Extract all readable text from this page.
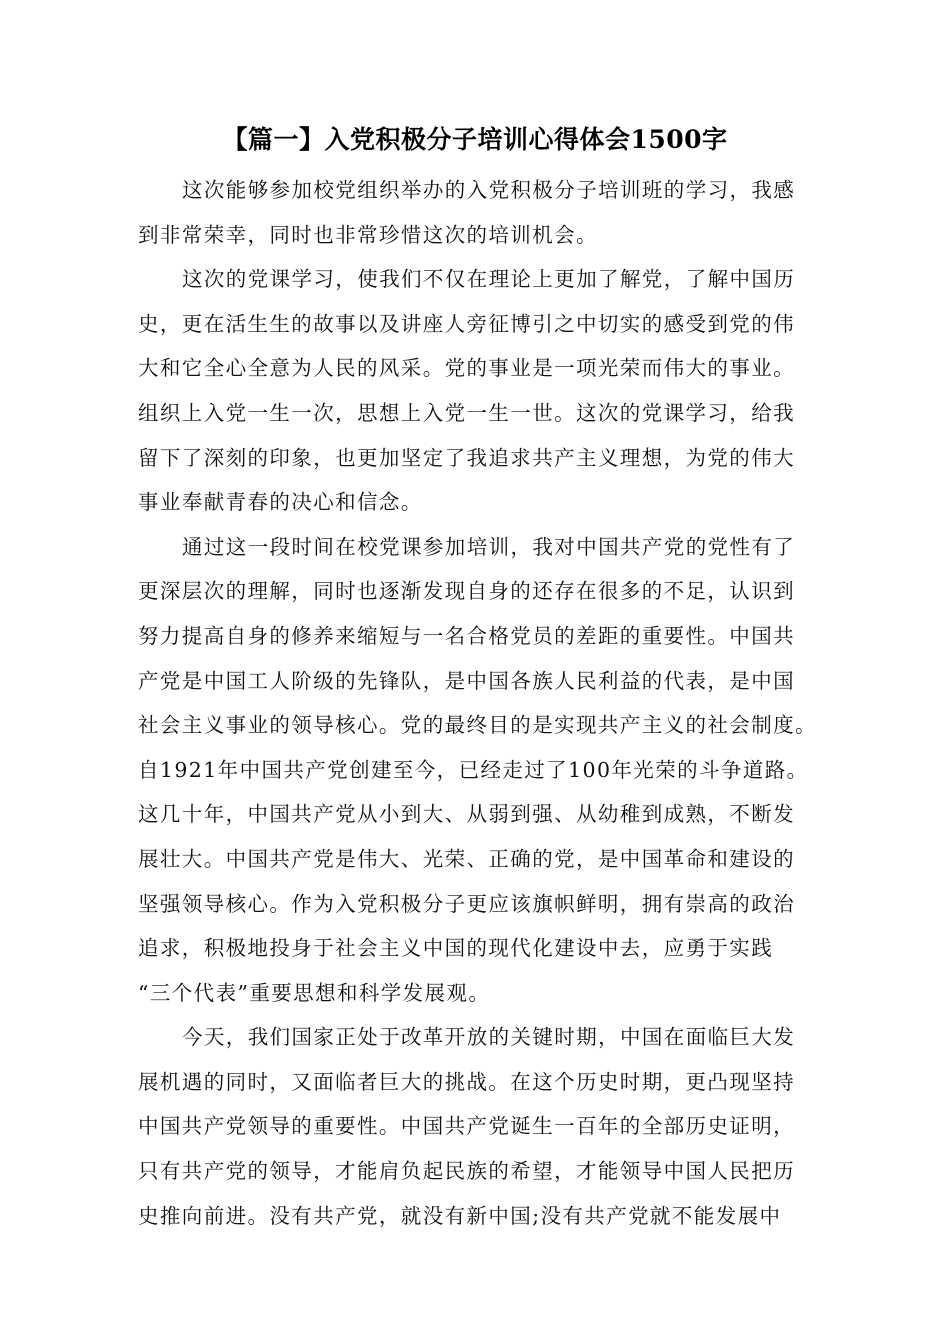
【篇一】入党积极分子培训心得体会1500字
这次能够参加校党组织举办的入党积极分子培训班的学习，我感
到非常荣幸，同时也非常珍惜这次的培训机会。
这次的党课学习，使我们不仅在理论上更加了解党，了解中国历
史，更在活生生的故事以及讲座人旁征博引之中切实的感受到党的伟
大和它全心全意为人民的风采。党的事业是一项光荣而伟大的事业。
组织上入党一生一次，思想上入党一生一世。这次的党课学习，给我
留下了深刻的印象，也更加坚定了我追求共产主义理想，为党的伟大
事业奉献青春的决心和信念。
通过这一段时间在校党课参加培训，我对中国共产党的党性有了
更深层次的理解，同时也逐渐发现自身的还存在很多的不足，认识到
努力提高自身的修养来缩短与一名合格党员的差距的重要性。中国共
产党是中国工人阶级的先锋队，是中国各族人民利益的代表，是中国
社会主义事业的领导核心。党的最终目的是实现共产主义的社会制度。
自1921年中国共产党创建至今，已经走过了100年光荣的斗争道路。
这几十年，中国共产党从小到大、从弱到强、从幼稚到成熟，不断发
展壮大。中国共产党是伟大、光荣、正确的党，是中国革命和建设的
坚强领导核心。作为入党积极分子更应该旗帜鲜明，拥有崇高的政治
追求，积极地投身于社会主义中国的现代化建设中去，应勇于实践
“三个代表”重要思想和科学发展观。
今天，我们国家正处于改革开放的关键时期，中国在面临巨大发
展机遇的同时，又面临者巨大的挑战。在这个历史时期，更凸现坚持
中国共产党领导的重要性。中国共产党诞生一百年的全部历史证明，
只有共产党的领导，才能肩负起民族的希望，才能领导中国人民把历
史推向前进。没有共产党，就没有新中国;没有共产党就不能发展中
